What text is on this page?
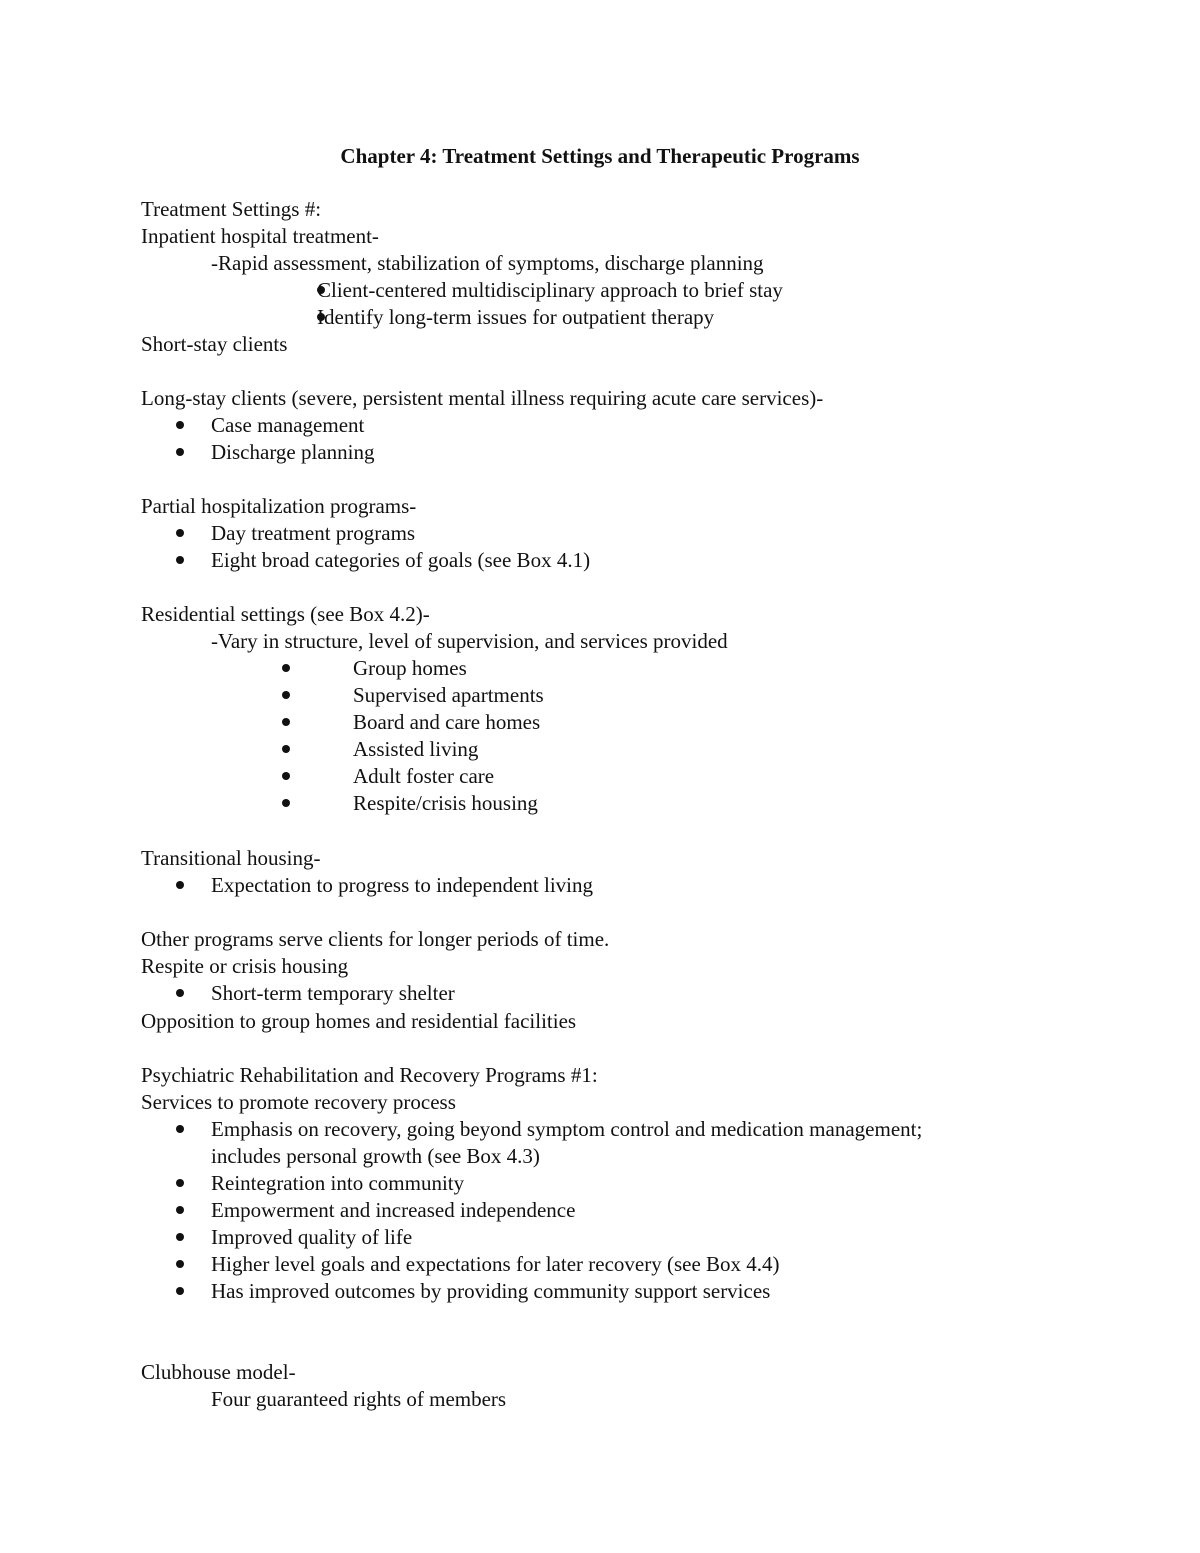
Chapter 4: Treatment Settings and Therapeutic Programs
Treatment Settings #:
Inpatient hospital treatment-
-Rapid assessment, stabilization of symptoms, discharge planning
Client-centered multidisciplinary approach to brief stay
Identify long-term issues for outpatient therapy
Short-stay clients
Long-stay clients (severe, persistent mental illness requiring acute care services)-
Case management
Discharge planning
Partial hospitalization programs-
Day treatment programs
Eight broad categories of goals (see Box 4.1)
Residential settings (see Box 4.2)-
-Vary in structure, level of supervision, and services provided
Group homes
Supervised apartments
Board and care homes
Assisted living
Adult foster care
Respite/crisis housing
Transitional housing-
Expectation to progress to independent living
Other programs serve clients for longer periods of time.
Respite or crisis housing
Short-term temporary shelter
Opposition to group homes and residential facilities
Psychiatric Rehabilitation and Recovery Programs #1:
Services to promote recovery process
Emphasis on recovery, going beyond symptom control and medication management;
includes personal growth (see Box 4.3)
Reintegration into community
Empowerment and increased independence
Improved quality of life
Higher level goals and expectations for later recovery (see Box 4.4)
Has improved outcomes by providing community support services
Clubhouse model-
Four guaranteed rights of members
